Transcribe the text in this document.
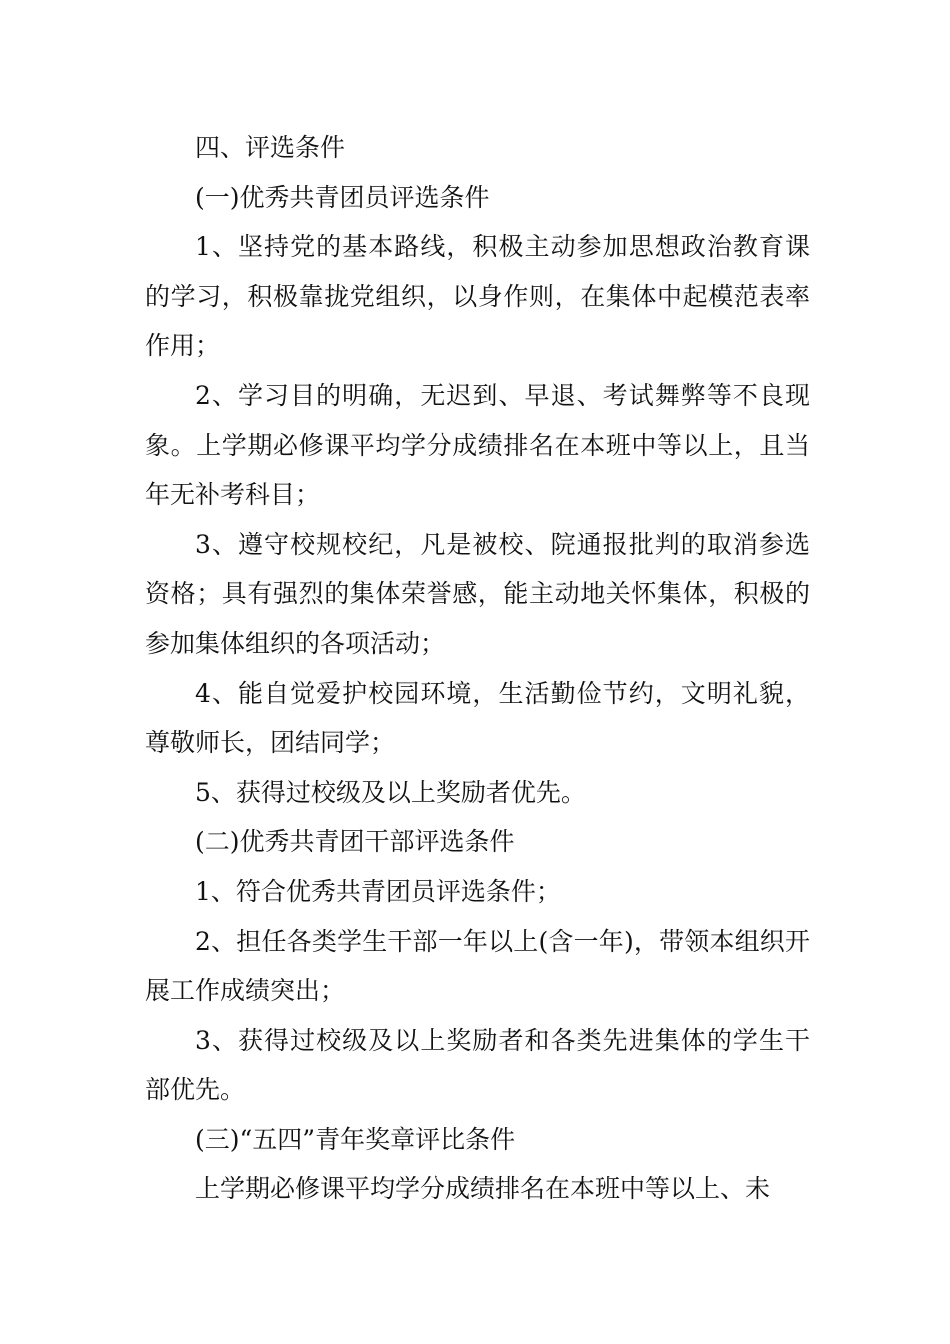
四、评选条件

(一)优秀共青团员评选条件

1、坚持党的基本路线，积极主动参加思想政治教育课的学习，积极靠拢党组织，以身作则，在集体中起模范表率作用；

2、学习目的明确，无迟到、早退、考试舞弊等不良现象。上学期必修课平均学分成绩排名在本班中等以上，且当年无补考科目；

3、遵守校规校纪，凡是被校、院通报批判的取消参选资格；具有强烈的集体荣誉感，能主动地关怀集体，积极的参加集体组织的各项活动；

4、能自觉爱护校园环境，生活勤俭节约，文明礼貌，尊敬师长，团结同学；

5、获得过校级及以上奖励者优先。

(二)优秀共青团干部评选条件

1、符合优秀共青团员评选条件；

2、担任各类学生干部一年以上(含一年)，带领本组织开展工作成绩突出；

3、获得过校级及以上奖励者和各类先进集体的学生干部优先。

(三)“五四”青年奖章评比条件

上学期必修课平均学分成绩排名在本班中等以上、未
